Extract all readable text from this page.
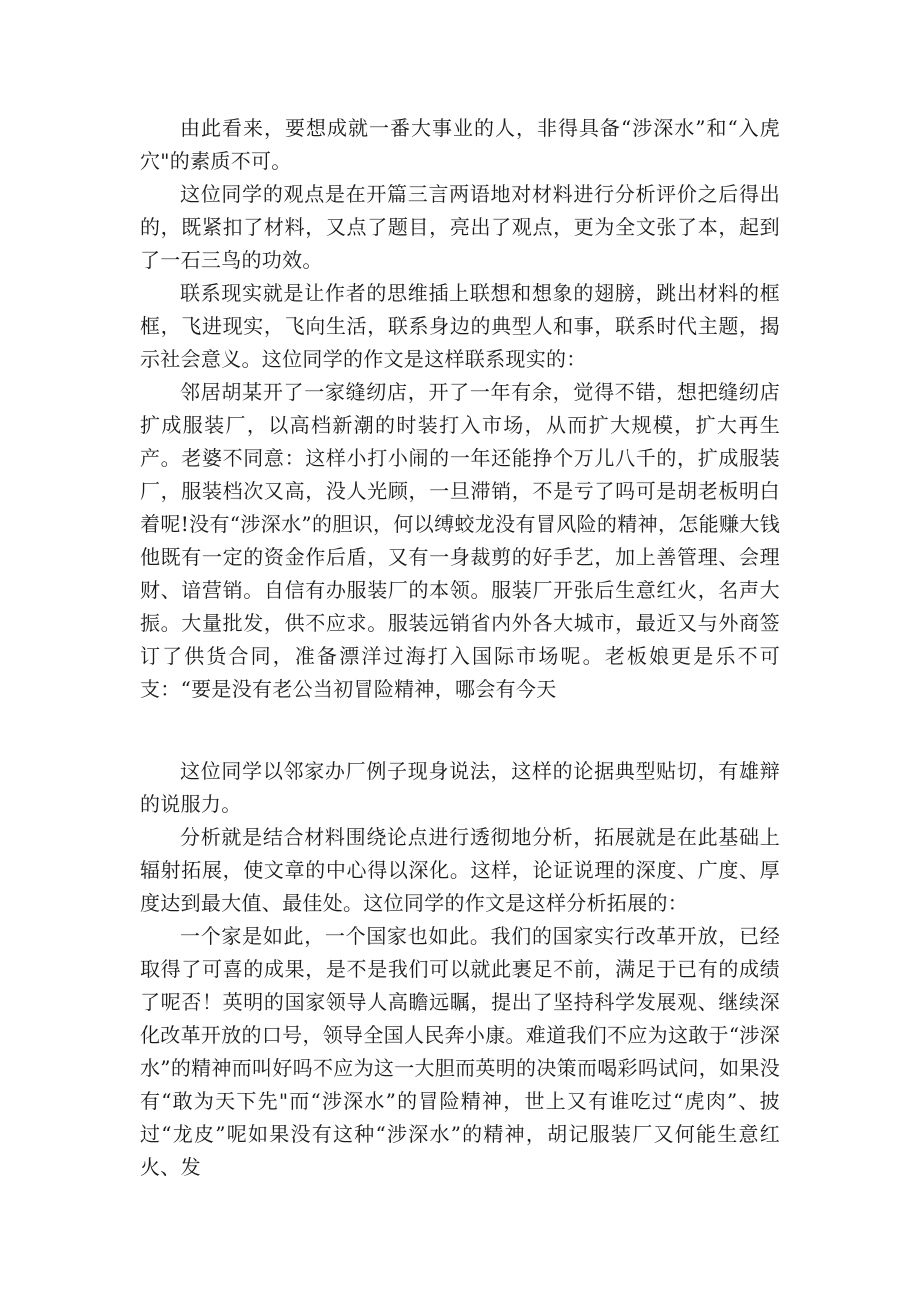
由此看来，要想成就一番大事业的人，非得具备“涉深水”和“入虎穴"的素质不可。

这位同学的观点是在开篇三言两语地对材料进行分析评价之后得出的，既紧扣了材料，又点了题目，亮出了观点，更为全文张了本，起到了一石三鸟的功效。

联系现实就是让作者的思维插上联想和想象的翅膀，跳出材料的框框，飞进现实，飞向生活，联系身边的典型人和事，联系时代主题，揭示社会意义。这位同学的作文是这样联系现实的：

邻居胡某开了一家缝纫店，开了一年有余，觉得不错，想把缝纫店扩成服装厂，以高档新潮的时装打入市场，从而扩大规模，扩大再生产。老婆不同意：这样小打小闹的一年还能挣个万儿八千的，扩成服装厂，服装档次又高，没人光顾，一旦滞销，不是亏了吗可是胡老板明白着呢!没有“涉深水”的胆识，何以缚蛟龙没有冒风险的精神，怎能赚大钱他既有一定的资金作后盾，又有一身裁剪的好手艺，加上善管理、会理财、谙营销。自信有办服装厂的本领。服装厂开张后生意红火，名声大振。大量批发，供不应求。服装远销省内外各大城市，最近又与外商签订了供货合同，准备漂洋过海打入国际市场呢。老板娘更是乐不可支：“要是没有老公当初冒险精神，哪会有今天

这位同学以邻家办厂例子现身说法，这样的论据典型贴切，有雄辩的说服力。

分析就是结合材料围绕论点进行透彻地分析，拓展就是在此基础上辐射拓展，使文章的中心得以深化。这样，论证说理的深度、广度、厚度达到最大值、最佳处。这位同学的作文是这样分析拓展的：

一个家是如此，一个国家也如此。我们的国家实行改革开放，已经取得了可喜的成果，是不是我们可以就此裹足不前，满足于已有的成绩了呢否！英明的国家领导人高瞻远瞩，提出了坚持科学发展观、继续深化改革开放的口号，领导全国人民奔小康。难道我们不应为这敢于“涉深水”的精神而叫好吗不应为这一大胆而英明的决策而喝彩吗试问，如果没有“敢为天下先"而“涉深水”的冒险精神，世上又有谁吃过“虎肉”、披过“龙皮”呢如果没有这种“涉深水”的精神，胡记服装厂又何能生意红火、发
